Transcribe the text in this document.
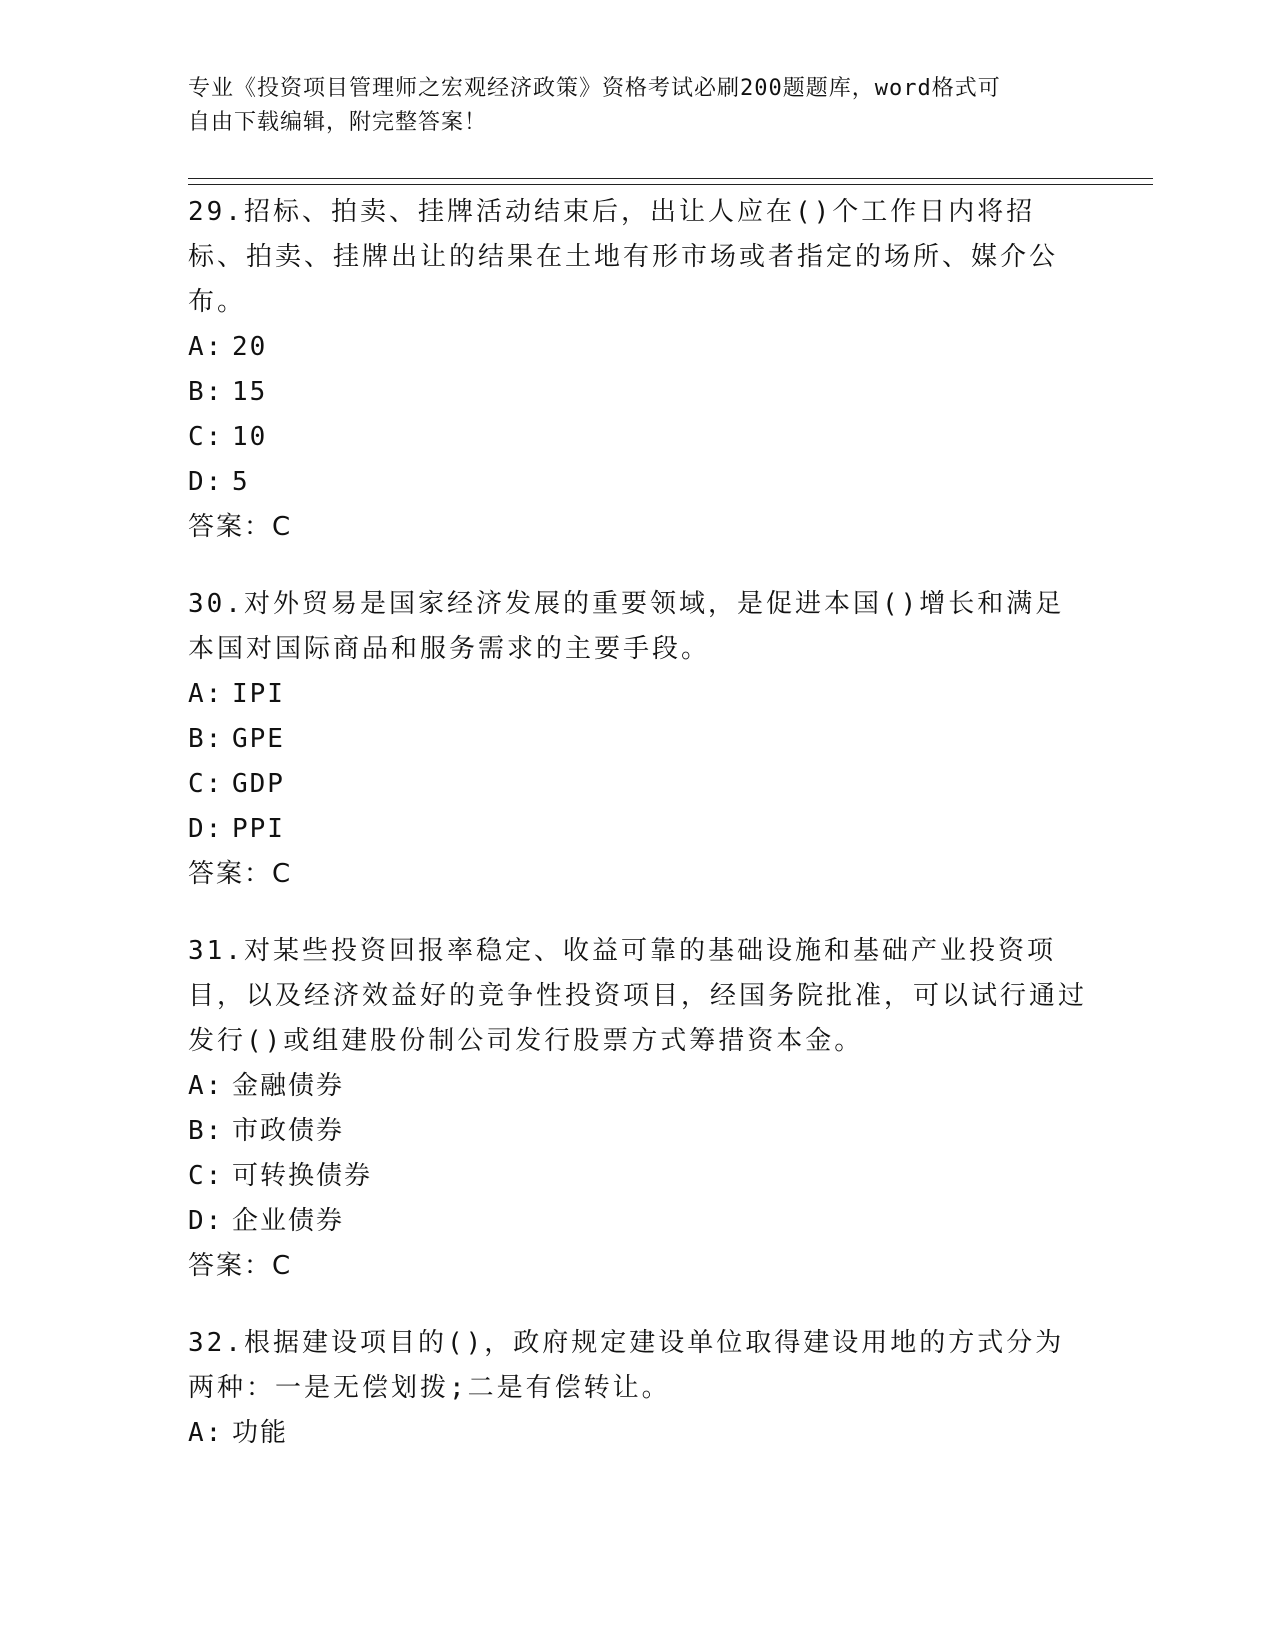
专业《投资项目管理师之宏观经济政策》资格考试必刷200题题库，word格式可
自由下载编辑，附完整答案！
29.招标、拍卖、挂牌活动结束后，出让人应在()个工作日内将招标、拍卖、挂牌出让的结果在土地有形市场或者指定的场所、媒介公布。
A: 20
B: 15
C: 10
D: 5
答案：C
30.对外贸易是国家经济发展的重要领域，是促进本国()增长和满足本国对国际商品和服务需求的主要手段。
A: IPI
B: GPE
C: GDP
D: PPI
答案：C
31.对某些投资回报率稳定、收益可靠的基础设施和基础产业投资项目，以及经济效益好的竞争性投资项目，经国务院批准，可以试行通过发行()或组建股份制公司发行股票方式筹措资本金。
A: 金融债券
B: 市政债券
C: 可转换债券
D: 企业债券
答案：C
32.根据建设项目的()，政府规定建设单位取得建设用地的方式分为两种：一是无偿划拨;二是有偿转让。
A: 功能
